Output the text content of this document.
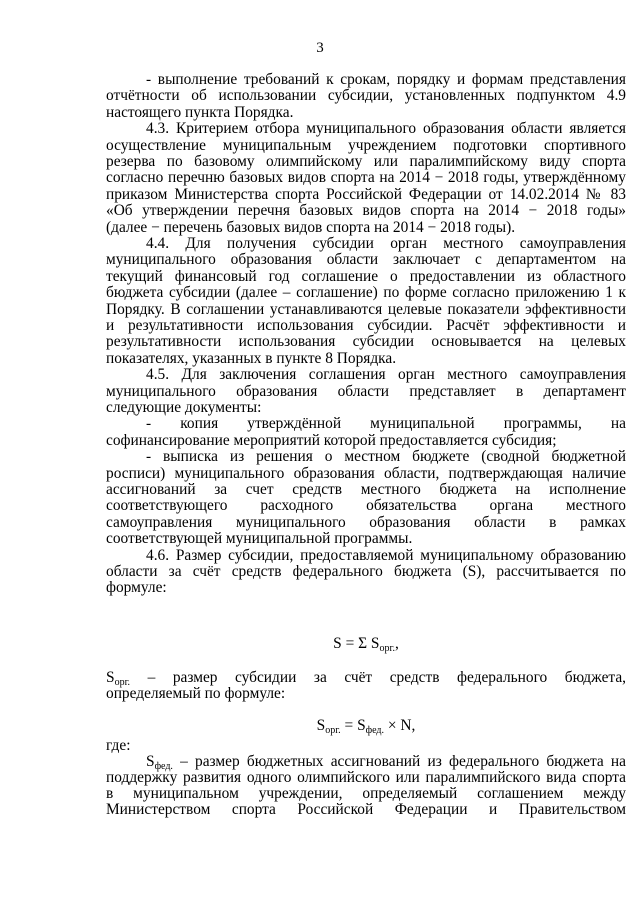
3
- выполнение требований к срокам, порядку и формам представления
отчётности об использовании субсидии, установленных подпунктом 4.9
настоящего пункта Порядка.
4.3. Критерием отбора муниципального образования области является
осуществление муниципальным учреждением подготовки спортивного
резерва по базовому олимпийскому или паралимпийскому виду спорта
согласно перечню базовых видов спорта на 2014 − 2018 годы, утверждённому
приказом Министерства спорта Российской Федерации от 14.02.2014 № 83
«Об утверждении перечня базовых видов спорта на 2014 − 2018 годы»
(далее − перечень базовых видов спорта на 2014 − 2018 годы).
4.4. Для получения субсидии орган местного самоуправления
муниципального образования области заключает с департаментом на
текущий финансовый год соглашение о предоставлении из областного
бюджета субсидии (далее – соглашение) по форме согласно приложению 1 к
Порядку. В соглашении устанавливаются целевые показатели эффективности
и результативности использования субсидии. Расчёт эффективности и
результативности использования субсидии основывается на целевых
показателях, указанных в пункте 8 Порядка.
4.5. Для заключения соглашения орган местного самоуправления
муниципального образования области представляет в департамент
следующие документы:
- копия утверждённой муниципальной программы, на
софинансирование мероприятий которой предоставляется субсидия;
- выписка из решения о местном бюджете (сводной бюджетной
росписи) муниципального образования области, подтверждающая наличие
ассигнований за счет средств местного бюджета на исполнение
соответствующего расходного обязательства органа местного
самоуправления муниципального образования области в рамках
соответствующей муниципальной программы.
4.6. Размер субсидии, предоставляемой муниципальному образованию
области за счёт средств федерального бюджета (S), рассчитывается по
формуле:
S = Σ $S_{орг.}$,
$S_{орг.}$ – размер субсидии за счёт средств федерального бюджета,
определяемый по формуле:
$S_{орг.} = S_{фед.} \times N$,
где:
$S_{фед.}$ – размер бюджетных ассигнований из федерального бюджета на
поддержку развития одного олимпийского или паралимпийского вида спорта
в муниципальном учреждении, определяемый соглашением между
Министерством спорта Российской Федерации и Правительством
